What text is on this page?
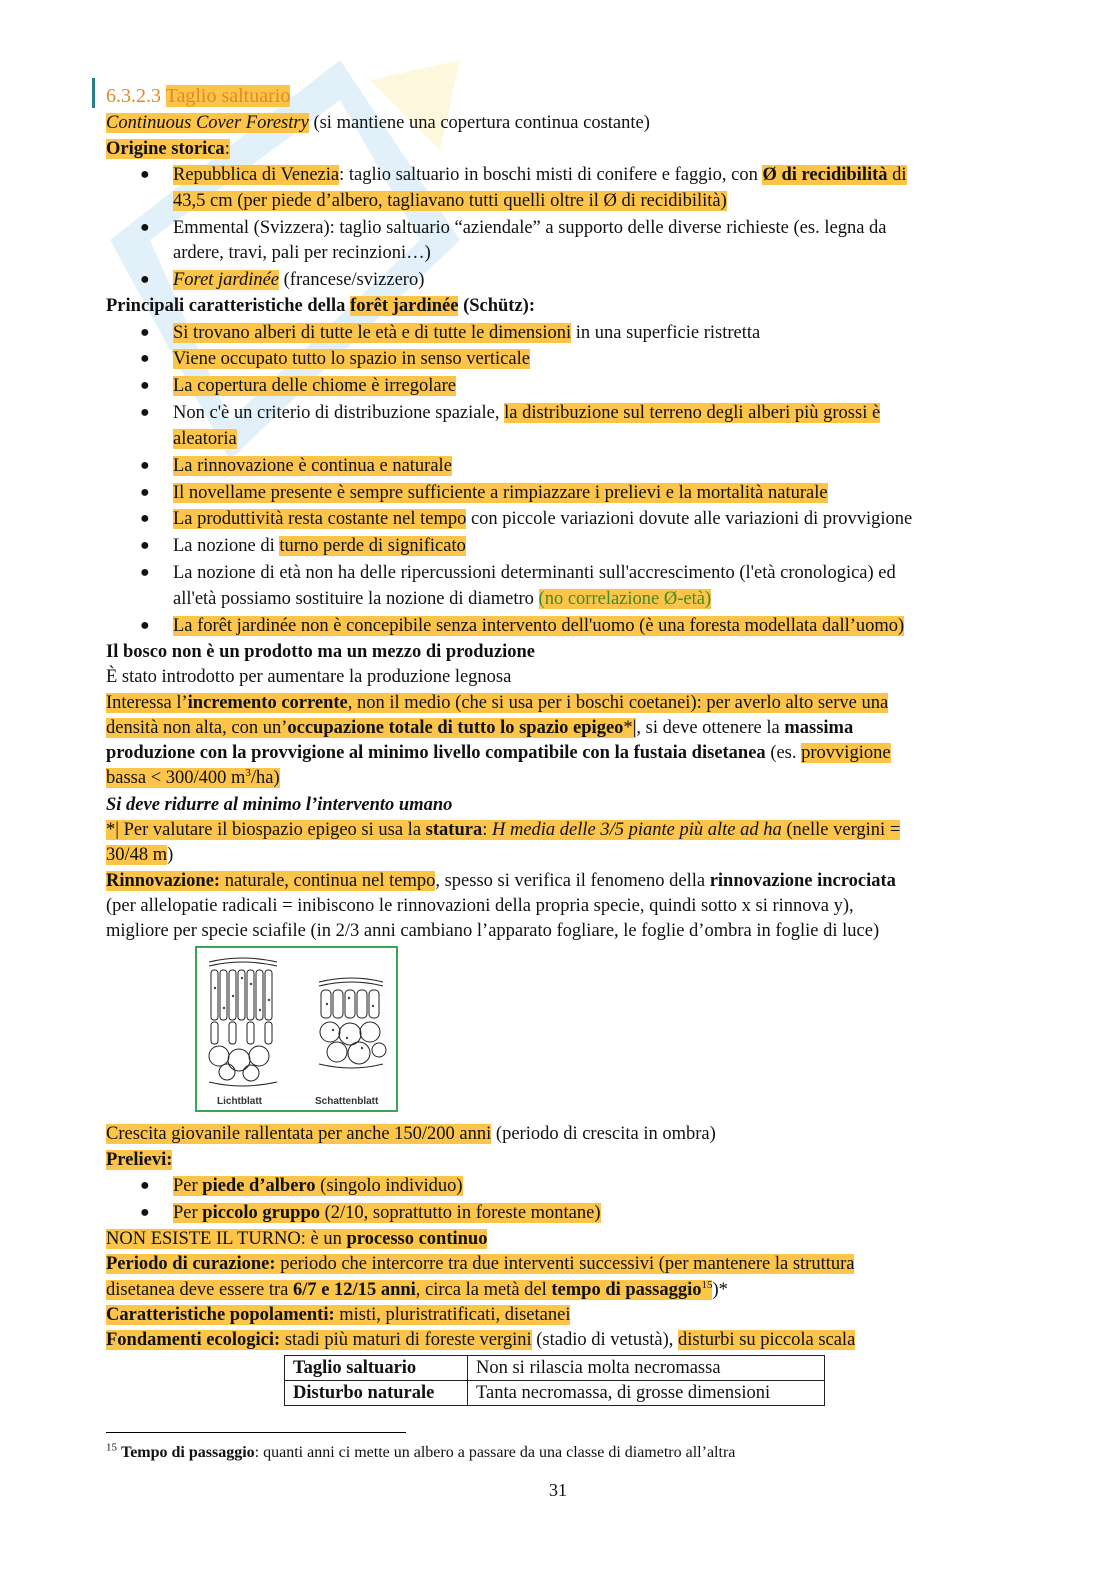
6.3.2.3 Taglio saltuario
Continuous Cover Forestry (si mantiene una copertura continua costante)
Origine storica:
● Repubblica di Venezia: taglio saltuario in boschi misti di conifere e faggio, con Ø di recidibilità di
43,5 cm (per piede d’albero, tagliavano tutti quelli oltre il Ø di recidibilità)
● Emmental (Svizzera): taglio saltuario “aziendale” a supporto delle diverse richieste (es. legna da
ardere, travi, pali per recinzioni…)
● Foret jardinée (francese/svizzero)
Principali caratteristiche della forêt jardinée (Schütz):
● Si trovano alberi di tutte le età e di tutte le dimensioni in una superficie ristretta
● Viene occupato tutto lo spazio in senso verticale
● La copertura delle chiome è irregolare
● Non c'è un criterio di distribuzione spaziale, la distribuzione sul terreno degli alberi più grossi è
aleatoria
● La rinnovazione è continua e naturale
● Il novellame presente è sempre sufficiente a rimpiazzare i prelievi e la mortalità naturale
● La produttività resta costante nel tempo con piccole variazioni dovute alle variazioni di provvigione
● La nozione di turno perde di significato
● La nozione di età non ha delle ripercussioni determinanti sull'accrescimento (l'età cronologica) ed
all'età possiamo sostituire la nozione di diametro (no correlazione Ø-età)
● La forêt jardinée non è concepibile senza intervento dell'uomo (è una foresta modellata dall’uomo)
Il bosco non è un prodotto ma un mezzo di produzione
È stato introdotto per aumentare la produzione legnosa
Interessa l’incremento corrente, non il medio (che si usa per i boschi coetanei): per averlo alto serve una
densità non alta, con un’occupazione totale di tutto lo spazio epigeo*|, si deve ottenere la massima
produzione con la provvigione al minimo livello compatibile con la fustaia disetanea (es. provvigione
bassa < 300/400 $m^3/ha$)
Si deve ridurre al minimo l’intervento umano
*| Per valutare il biospazio epigeo si usa la statura: H media delle 3/5 piante più alte ad ha (nelle vergini =
30/48 m)
Rinnovazione: naturale, continua nel tempo, spesso si verifica il fenomeno della rinnovazione incrociata
(per allelopatie radicali = inibiscono le rinnovazioni della propria specie, quindi sotto x si rinnova y),
migliore per specie sciafile (in 2/3 anni cambiano l’apparato fogliare, le foglie d’ombra in foglie di luce)
Lichtblatt	Schattenblatt
Crescita giovanile rallentata per anche 150/200 anni (periodo di crescita in ombra)
Prelievi:
● Per piede d’albero (singolo individuo)
● Per piccolo gruppo (2/10, soprattutto in foreste montane)
NON ESISTE IL TURNO: è un processo continuo
Periodo di curazione: periodo che intercorre tra due interventi successivi (per mantenere la struttura
disetanea deve essere tra 6/7 e 12/15 anni, circa la metà del tempo di passaggio$^{15}$)*
Caratteristiche popolamenti: misti, pluristratificati, disetanei
Fondamenti ecologici: stadi più maturi di foreste vergini (stadio di vetustà), disturbi su piccola scala
Taglio saltuario	Non si rilascia molta necromassa
Disturbo naturale	Tanta necromassa, di grosse dimensioni
$^{15}$ Tempo di passaggio: quanti anni ci mette un albero a passare da una classe di diametro all’altra
31
